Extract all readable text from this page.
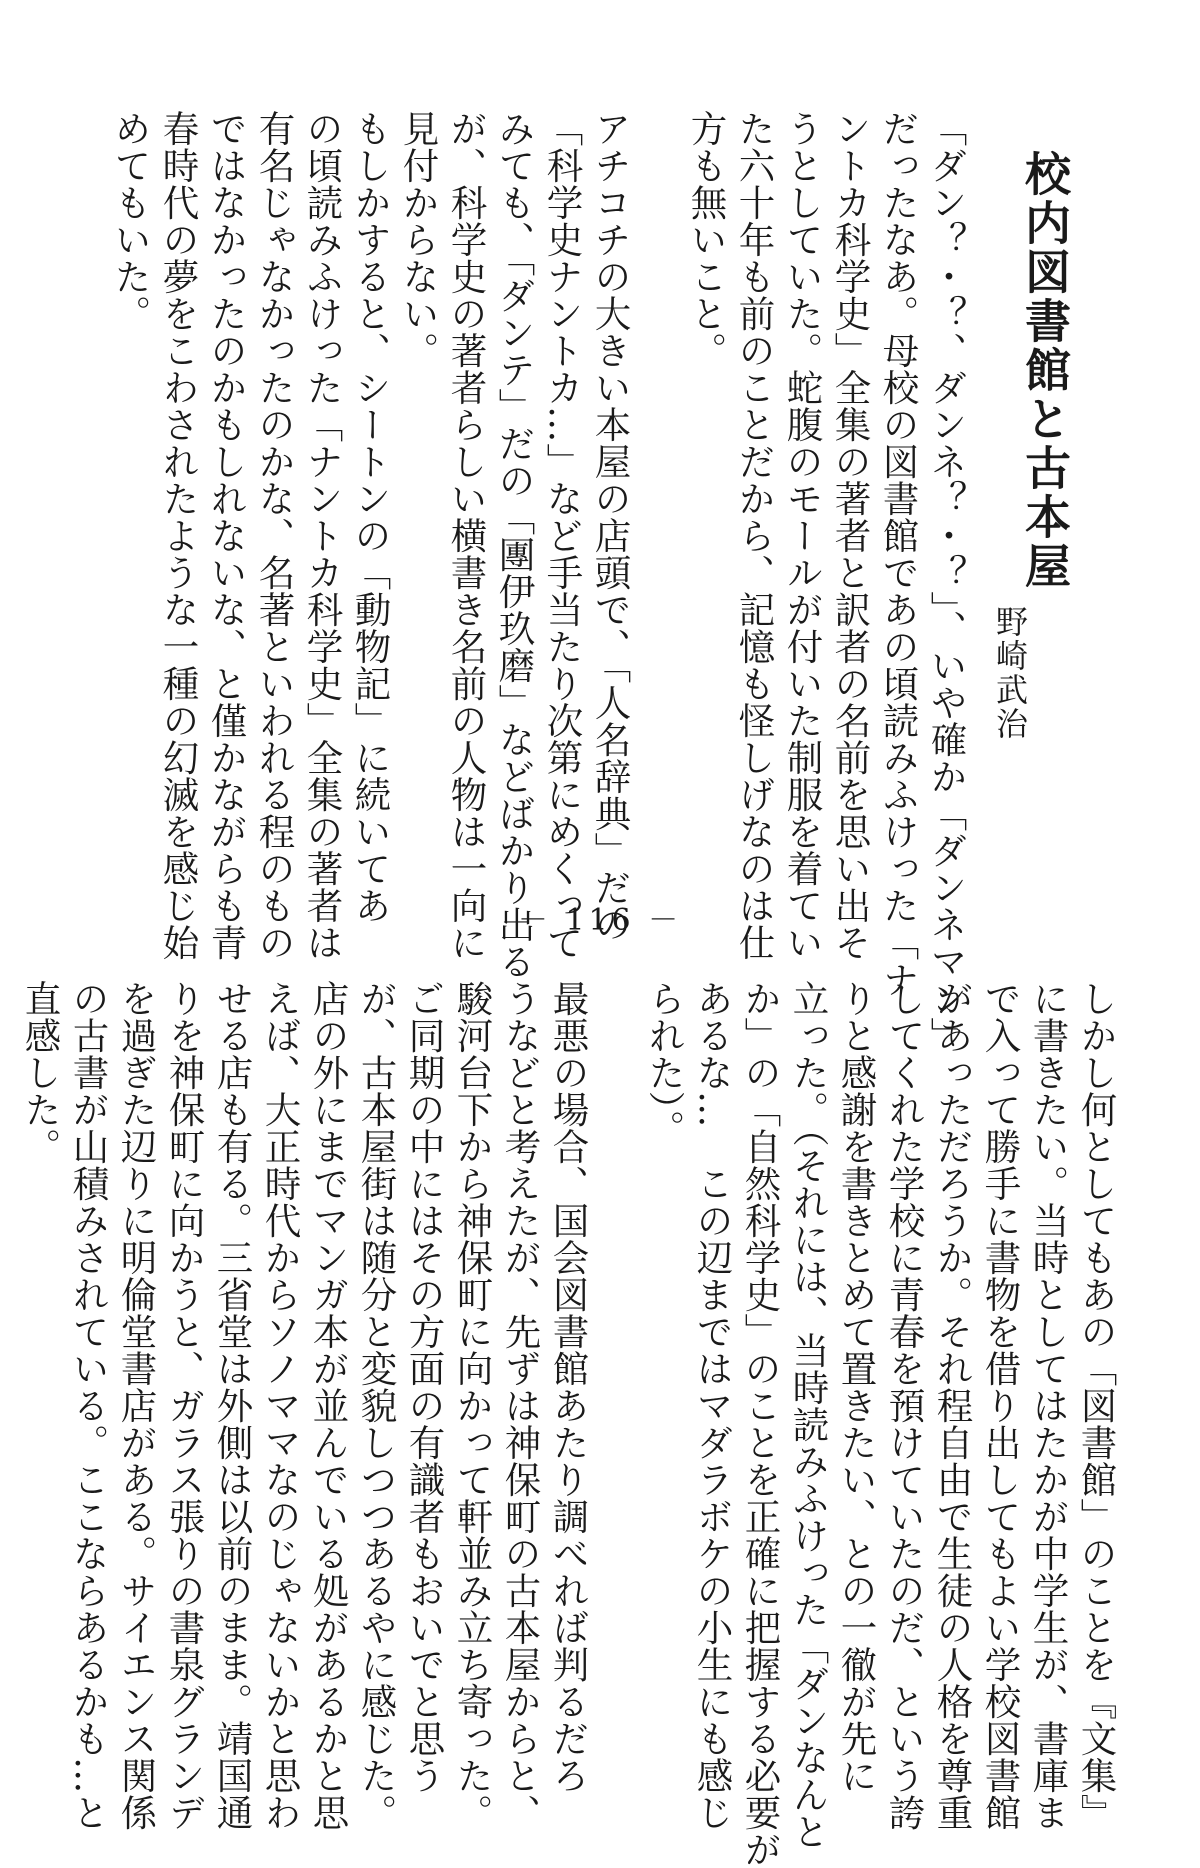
校内図書館と古本屋
野崎武治
「ダン？・？、ダンネ？・？」、いや確か「ダンネマン」
だったなあ。母校の図書館であの頃読みふけった「ナ
ントカ科学史」全集の著者と訳者の名前を思い出そ
うとしていた。蛇腹のモールが付いた制服を着てい
た六十年も前のことだから、記憶も怪しげなのは仕
方も無いこと。
アチコチの大きい本屋の店頭で、「人名辞典」だの
「科学史ナントカ…」など手当たり次第にめくって
みても、「ダンテ」だの「團伊玖磨」などばかり出る
が、科学史の著者らしい横書き名前の人物は一向に
見付からない。
もしかすると、シートンの「動物記」に続いてあ
の頃読みふけった「ナントカ科学史」全集の著者は
有名じゃなかったのかな、名著といわれる程のもの
ではなかったのかもしれないな、と僅かながらも青
春時代の夢をこわされたような一種の幻滅を感じ始
めてもいた。
－ 116 －
しかし何としてもあの「図書館」のことを『文集』
に書きたい。当時としてはたかが中学生が、書庫ま
で入って勝手に書物を借り出してもよい学校図書館
があっただろうか。それ程自由で生徒の人格を尊重
してくれた学校に青春を預けていたのだ、という誇
りと感謝を書きとめて置きたい、との一徹が先に
立った。（それには、当時読みふけった「ダンなんと
か」の「自然科学史」のことを正確に把握する必要が
あるな…　この辺まではマダラボケの小生にも感じ
られた）。
最悪の場合、国会図書館あたり調べれば判るだろ
うなどと考えたが、先ずは神保町の古本屋からと、
駿河台下から神保町に向かって軒並み立ち寄った。
ご同期の中にはその方面の有識者もおいでと思う
が、古本屋街は随分と変貌しつつあるやに感じた。
店の外にまでマンガ本が並んでいる処があるかと思
えば、大正時代からソノママなのじゃないかと思わ
せる店も有る。三省堂は外側は以前のまま。靖国通
りを神保町に向かうと、ガラス張りの書泉グランデ
を過ぎた辺りに明倫堂書店がある。サイエンス関係
の古書が山積みされている。ここならあるかも…と
直感した。
